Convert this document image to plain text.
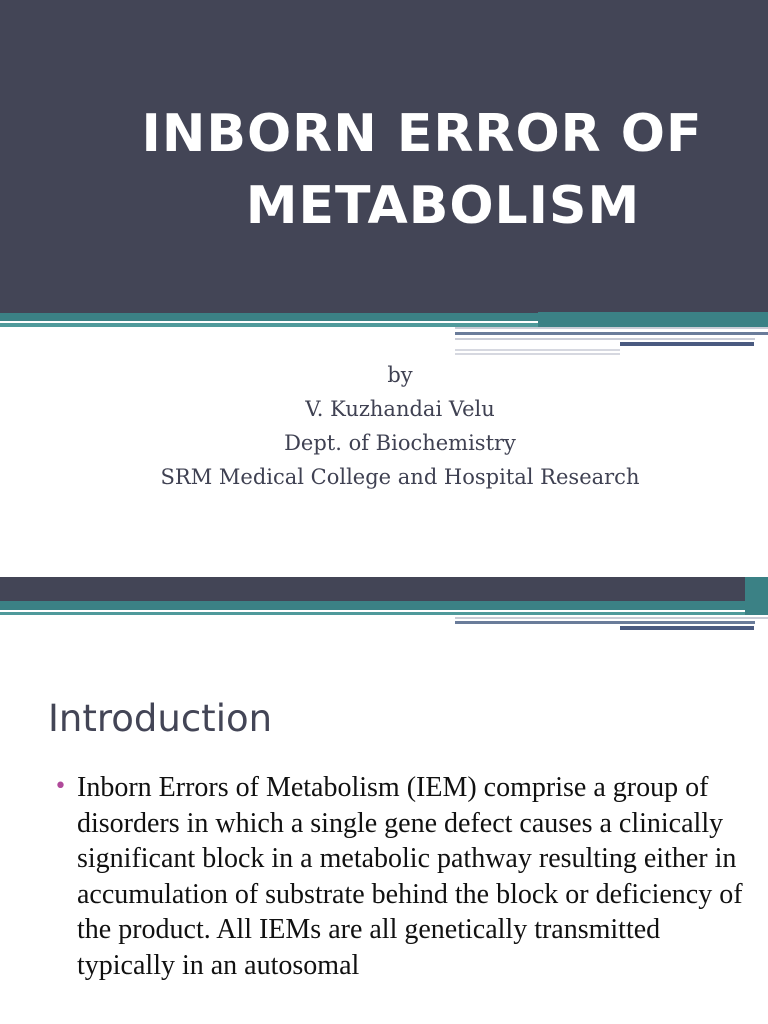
INBORN ERROR OF
METABOLISM
by
V. Kuzhandai Velu
Dept. of Biochemistry
SRM Medical College and Hospital Research
Introduction
• Inborn Errors of Metabolism (IEM) comprise a group of disorders in which a single gene defect causes a clinically significant block in a metabolic pathway resulting either in accumulation of substrate behind the block or deficiency of the product. All IEMs are all genetically transmitted typically in an autosomal
